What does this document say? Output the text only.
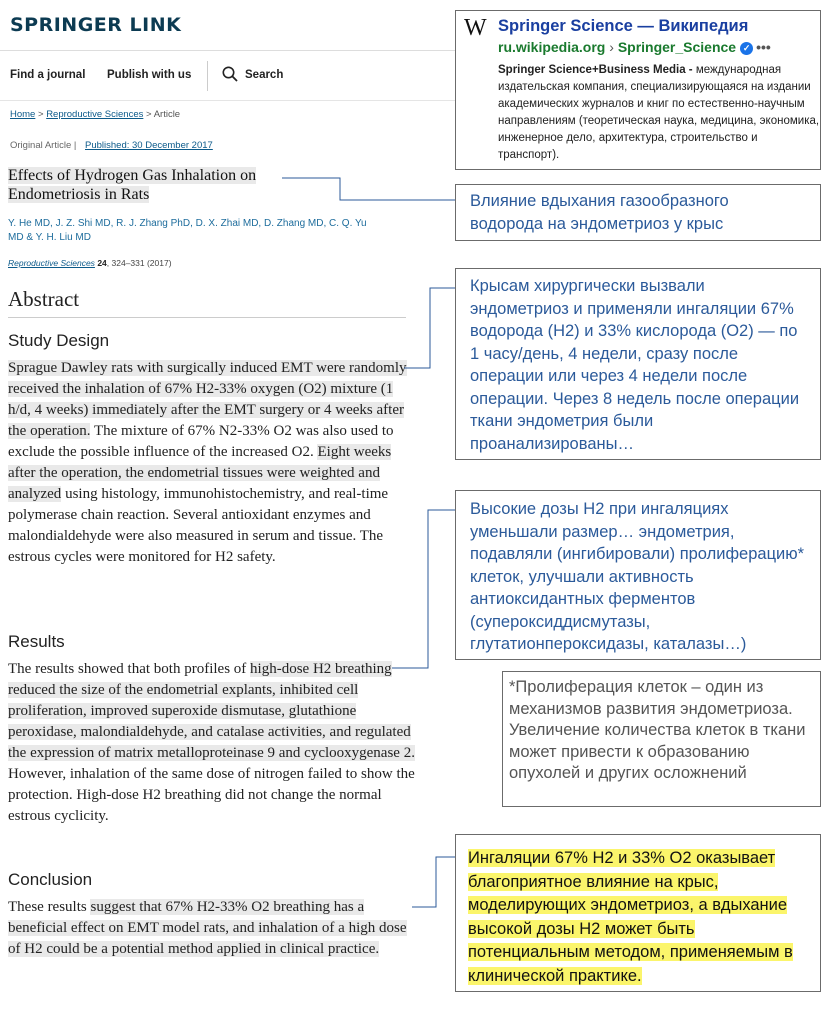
SPRINGER LINK
Find a journal Publish with us	Search
Home > Reproductive Sciences > Article
Original Article | Published: 30 December 2017
Effects of Hydrogen Gas Inhalation on Endometriosis in Rats
Y. He MD, J. Z. Shi MD, R. J. Zhang PhD, D. X. Zhai MD, D. Zhang MD, C. Q. Yu MD & Y. H. Liu MD
Reproductive Sciences 24, 324–331 (2017)
Abstract
Study Design
Sprague Dawley rats with surgically induced EMT were randomly received the inhalation of 67% H2-33% oxygen (O2) mixture (1 h/d, 4 weeks) immediately after the EMT surgery or 4 weeks after the operation. The mixture of 67% N2-33% O2 was also used to exclude the possible influence of the increased O2. Eight weeks after the operation, the endometrial tissues were weighted and analyzed using histology, immunohistochemistry, and real-time polymerase chain reaction. Several antioxidant enzymes and malondialdehyde were also measured in serum and tissue. The estrous cycles were monitored for H2 safety.
Results
The results showed that both profiles of high-dose H2 breathing reduced the size of the endometrial explants, inhibited cell proliferation, improved superoxide dismutase, glutathione peroxidase, malondialdehyde, and catalase activities, and regulated the expression of matrix metalloproteinase 9 and cyclooxygenase 2. However, inhalation of the same dose of nitrogen failed to show the protection. High-dose H2 breathing did not change the normal estrous cyclicity.
Conclusion
These results suggest that 67% H2-33% O2 breathing has a beneficial effect on EMT model rats, and inhalation of a high dose of H2 could be a potential method applied in clinical practice.
W Springer Science — Википедия
ru.wikipedia.org › Springer_Science ✓ •••
Springer Science+Business Media - международная издательская компания, специализирующаяся на издании академических журналов и книг по естественно-научным направлениям (теоретическая наука, медицина, экономика, инженерное дело, архитектура, строительство и транспорт).
Влияние вдыхания газообразного водорода на эндометриоз у крыс
Крысам хирургически вызвали эндометриоз и применяли ингаляции 67% водорода (Н2) и 33% кислорода (О2) — по 1 часу/день, 4 недели, сразу после операции или через 4 недели после операции. Через 8 недель после операции ткани эндометрия были проанализированы…
Высокие дозы Н2 при ингаляциях уменьшали размер… эндометрия, подавляли (ингибировали) пролиферацию* клеток, улучшали активность антиоксидантных ферментов (супероксиддисмутазы, глутатионпероксидазы, каталазы…)
*Пролиферация клеток – один из механизмов развития эндометриоза. Увеличение количества клеток в ткани может привести к образованию опухолей и других осложнений
Ингаляции 67% Н2 и 33% О2 оказывает благоприятное влияние на крыс, моделирующих эндометриоз, а вдыхание высокой дозы Н2 может быть потенциальным методом, применяемым в клинической практике.
